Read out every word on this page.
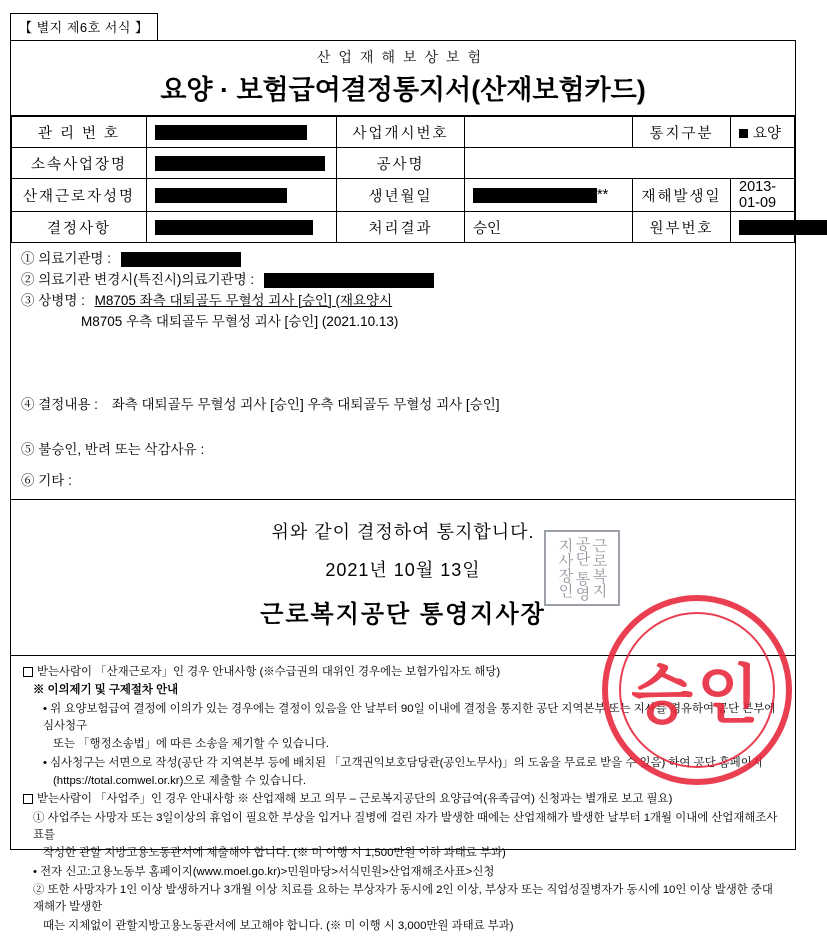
【 별지 제6호 서식 】
산업재해보상보험
요양 · 보험급여결정통지서(산재보험카드)
관 리 번 호		사업개시번호		통지구분	요양
소속사업장명		공사명			
산재근로자성명		생년월일	**	재해발생일	2013-01-09
결정사항		처리결과	승인	원부번호	
① 의료기관명 :
② 의료기관 변경시(특진시)의료기관명 :
③ 상병명 : M8705 좌측 대퇴골두 무혈성 괴사 [승인] (재요양시
M8705 우측 대퇴골두 무혈성 괴사 [승인] (2021.10.13)
④ 결정내용 : 좌측 대퇴골두 무혈성 괴사 [승인] 우측 대퇴골두 무혈성 괴사 [승인]
⑤ 불승인, 반려 또는 삭감사유 :
⑥ 기타 :
위와 같이 결정하여 통지합니다.
2021년 10월 13일
근로복지공단 통영지사장
근로복지공단 통영지사장인

받는사람이 「산재근로자」인 경우 안내사항 (※수급권의 대위인 경우에는 보험가입자도 해당)

※ 이의제기 및 구제절차 안내

• 위 요양보험급여 결정에 이의가 있는 경우에는 결정이 있음을 안 날부터 90일 이내에 결정을 통지한 공단 지역본부 또는 지사를 경유하여 공단 본부에 심사청구

또는 「행정소송법」에 따른 소송을 제기할 수 있습니다.

• 심사청구는 서면으로 작성(공단 각 지역본부 등에 배치된 「고객권익보호담당관(공인노무사)」의 도움을 무료로 받을 수 있음) 하여 공단 홈페이지

(https://total.comwel.or.kr)으로 제출할 수 있습니다.

받는사람이 「사업주」인 경우 안내사항 ※ 산업재해 보고 의무 – 근로복지공단의 요양급여(유족급여) 신청과는 별개로 보고 필요)

① 사업주는 사망자 또는 3일이상의 휴업이 필요한 부상을 입거나 질병에 걸린 자가 발생한 때에는 산업재해가 발생한 날부터 1개월 이내에 산업재해조사표를

작성한 관할 지방고용노동관서에 제출해야 합니다. (※ 미 이행 시 1,500만원 이하 과태료 부과)

• 전자 신고:고용노동부 홈페이지(www.moel.go.kr)>민원마당>서식민원>산업재해조사표>신청

② 또한 사망자가 1인 이상 발생하거나 3개월 이상 치료를 요하는 부상자가 동시에 2인 이상, 부상자 또는 직업성질병자가 동시에 10인 이상 발생한 중대재해가 발생한

때는 지체없이 관할지방고용노동관서에 보고해야 합니다. (※ 미 이행 시 3,000만원 과태료 부과)

승인
